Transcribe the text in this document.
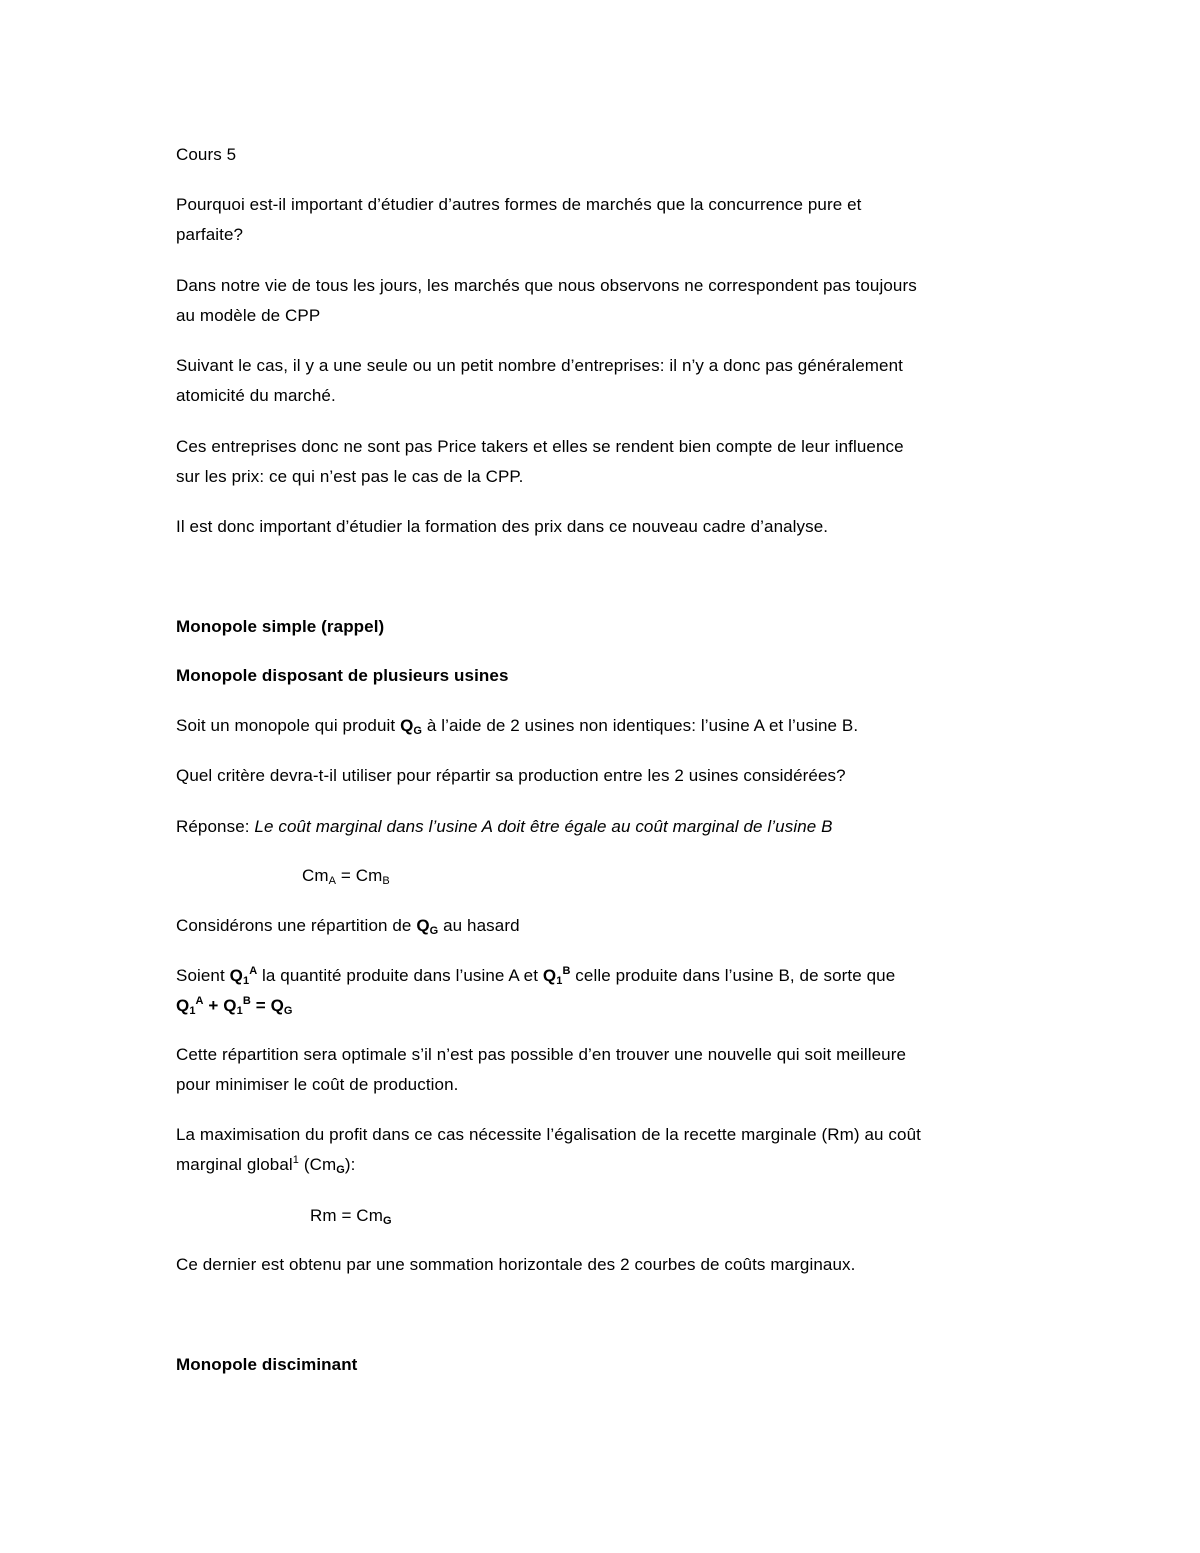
Cours 5
Pourquoi est-il important d’étudier d’autres formes de marchés que la concurrence pure et
parfaite?
Dans notre vie de tous les jours, les marchés que nous observons ne correspondent pas toujours
au modèle de CPP
Suivant le cas, il y a une seule ou un petit nombre d’entreprises: il n’y a donc pas généralement
atomicité du marché.
Ces entreprises donc ne sont pas Price takers et elles se rendent bien compte de leur influence
sur les prix: ce qui n’est pas le cas de la CPP.
Il est donc important d’étudier la formation des prix dans ce nouveau cadre d’analyse.
Monopole simple (rappel)
Monopole disposant de plusieurs usines
Soit un monopole qui produit $Q_G$ à l’aide de 2 usines non identiques: l’usine A et l’usine B.
Quel critère devra-t-il utiliser pour répartir sa production entre les 2 usines considérées?
Réponse: Le coût marginal dans l’usine A doit être égale au coût marginal de l’usine B
$Cm_A = Cm_B$
Considérons une répartition de $Q_G$ au hasard
Soient $Q_1^A$ la quantité produite dans l’usine A et $Q_1^B$ celle produite dans l’usine B, de sorte que
$Q_1^A + Q_1^B = Q_G$
Cette répartition sera optimale s’il n’est pas possible d’en trouver une nouvelle qui soit meilleure
pour minimiser le coût de production.
La maximisation du profit dans ce cas nécessite l’égalisation de la recette marginale (Rm) au coût
marginal global$^1$ $(Cm_G)$:
$Rm = Cm_G$
Ce dernier est obtenu par une sommation horizontale des 2 courbes de coûts marginaux.
Monopole disciminant
